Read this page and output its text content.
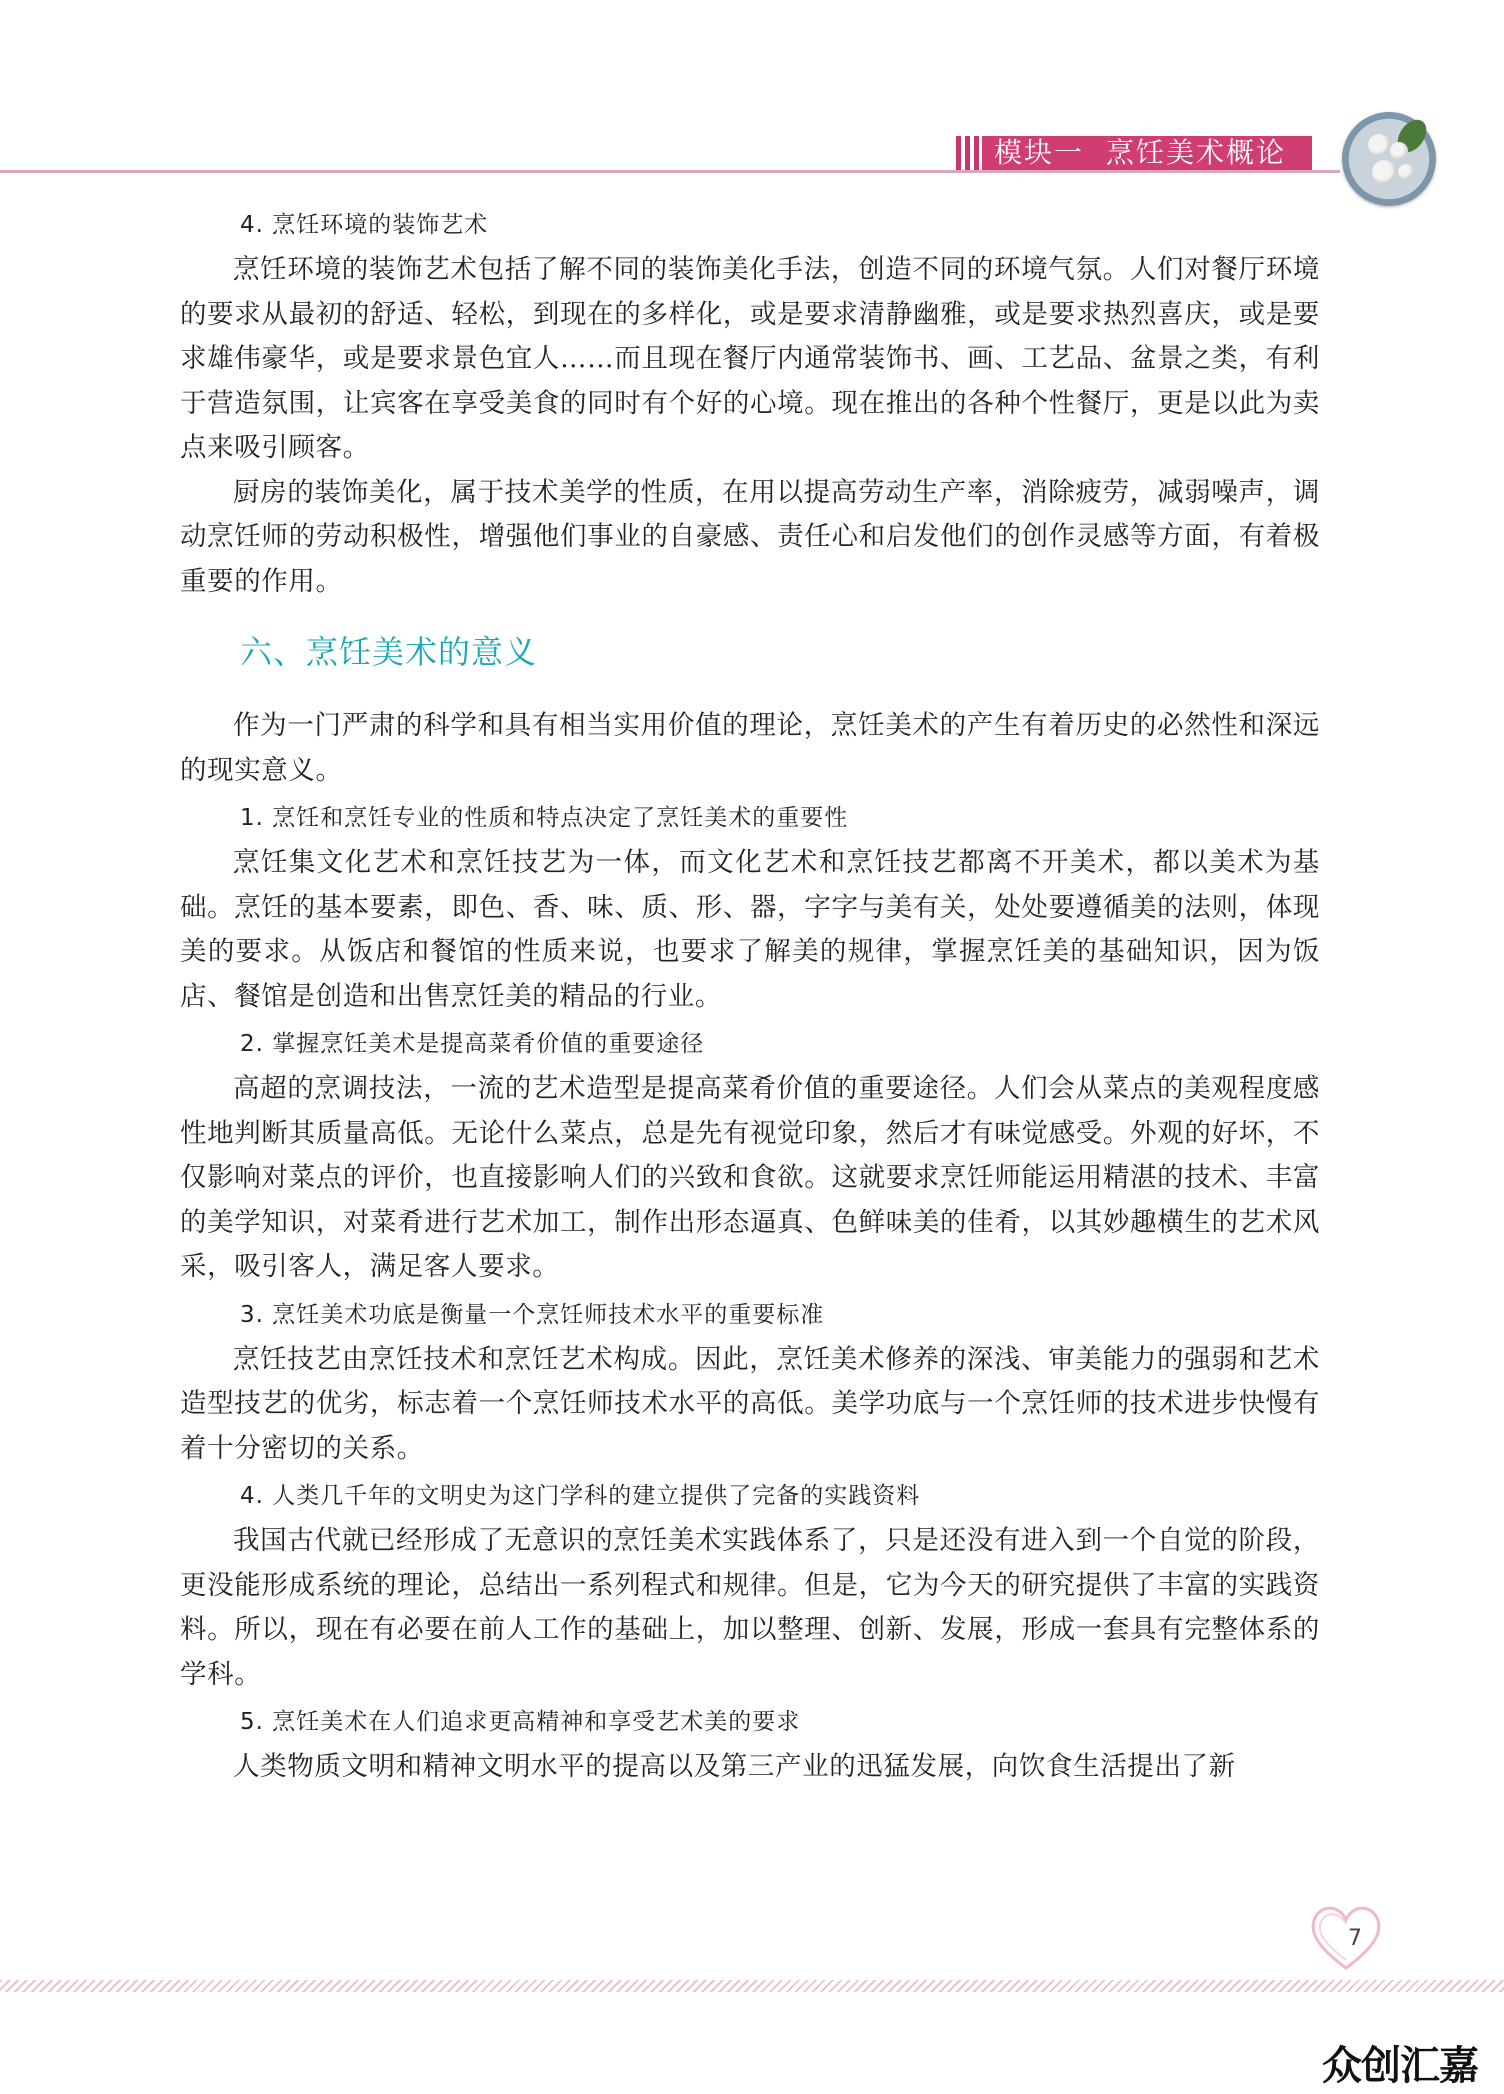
模块一 烹饪美术概论

4. 烹饪环境的装饰艺术

烹饪环境的装饰艺术包括了解不同的装饰美化手法，创造不同的环境气氛。人们对餐厅环境的要求从最初的舒适、轻松，到现在的多样化，或是要求清静幽雅，或是要求热烈喜庆，或是要求雄伟豪华，或是要求景色宜人……而且现在餐厅内通常装饰书、画、工艺品、盆景之类，有利于营造氛围，让宾客在享受美食的同时有个好的心境。现在推出的各种个性餐厅，更是以此为卖点来吸引顾客。

厨房的装饰美化，属于技术美学的性质，在用以提高劳动生产率，消除疲劳，减弱噪声，调动烹饪师的劳动积极性，增强他们事业的自豪感、责任心和启发他们的创作灵感等方面，有着极重要的作用。

六、烹饪美术的意义

作为一门严肃的科学和具有相当实用价值的理论，烹饪美术的产生有着历史的必然性和深远的现实意义。

1. 烹饪和烹饪专业的性质和特点决定了烹饪美术的重要性

烹饪集文化艺术和烹饪技艺为一体，而文化艺术和烹饪技艺都离不开美术，都以美术为基础。烹饪的基本要素，即色、香、味、质、形、器，字字与美有关，处处要遵循美的法则，体现美的要求。从饭店和餐馆的性质来说，也要求了解美的规律，掌握烹饪美的基础知识，因为饭店、餐馆是创造和出售烹饪美的精品的行业。

2. 掌握烹饪美术是提高菜肴价值的重要途径

高超的烹调技法，一流的艺术造型是提高菜肴价值的重要途径。人们会从菜点的美观程度感性地判断其质量高低。无论什么菜点，总是先有视觉印象，然后才有味觉感受。外观的好坏，不仅影响对菜点的评价，也直接影响人们的兴致和食欲。这就要求烹饪师能运用精湛的技术、丰富的美学知识，对菜肴进行艺术加工，制作出形态逼真、色鲜味美的佳肴，以其妙趣横生的艺术风采，吸引客人，满足客人要求。

3. 烹饪美术功底是衡量一个烹饪师技术水平的重要标准

烹饪技艺由烹饪技术和烹饪艺术构成。因此，烹饪美术修养的深浅、审美能力的强弱和艺术造型技艺的优劣，标志着一个烹饪师技术水平的高低。美学功底与一个烹饪师的技术进步快慢有着十分密切的关系。

4. 人类几千年的文明史为这门学科的建立提供了完备的实践资料

我国古代就已经形成了无意识的烹饪美术实践体系了，只是还没有进入到一个自觉的阶段，更没能形成系统的理论，总结出一系列程式和规律。但是，它为今天的研究提供了丰富的实践资料。所以，现在有必要在前人工作的基础上，加以整理、创新、发展，形成一套具有完整体系的学科。

5. 烹饪美术在人们追求更高精神和享受艺术美的要求

人类物质文明和精神文明水平的提高以及第三产业的迅猛发展，向饮食生活提出了新

7
众创汇嘉
